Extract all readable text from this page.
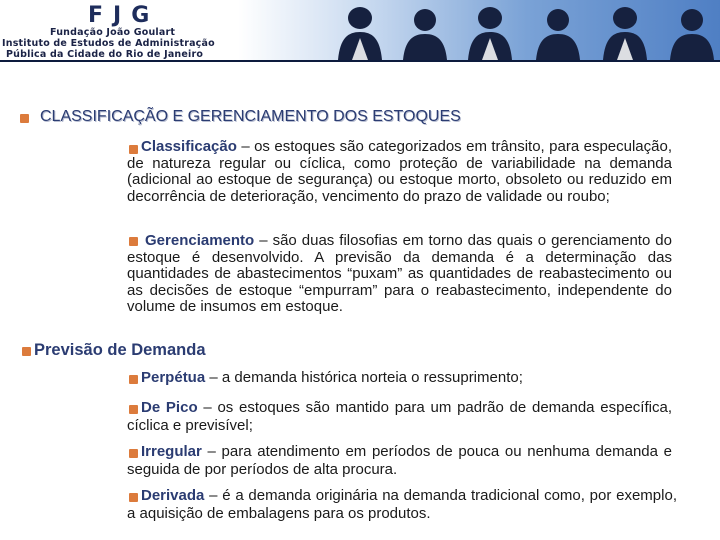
FJG
Fundação João Goulart
Instituto de Estudos de Administração
Pública da Cidade do Rio de Janeiro
CLASSIFICAÇÃO E GERENCIAMENTO DOS ESTOQUES
Classificação – os estoques são categorizados em trânsito, para especulação, de natureza regular ou cíclica, como proteção de variabilidade na demanda (adicional ao estoque de segurança) ou estoque morto, obsoleto ou reduzido em decorrência de deterioração, vencimento do prazo de validade ou roubo;
Gerenciamento – são duas filosofias em torno das quais o gerenciamento do estoque é desenvolvido. A previsão da demanda é a determinação das quantidades de abastecimentos “puxam” as quantidades de reabastecimento ou as decisões de estoque “empurram” para o reabastecimento, independente do volume de insumos em estoque.
Previsão de Demanda
Perpétua – a demanda histórica norteia o ressuprimento;
De Pico – os estoques são mantido para um padrão de demanda específica, cíclica e previsível;
Irregular – para atendimento em períodos de pouca ou nenhuma demanda e seguida de por períodos de alta procura.
Derivada – é a demanda originária na demanda tradicional como, por exemplo, a aquisição de embalagens para os produtos.
